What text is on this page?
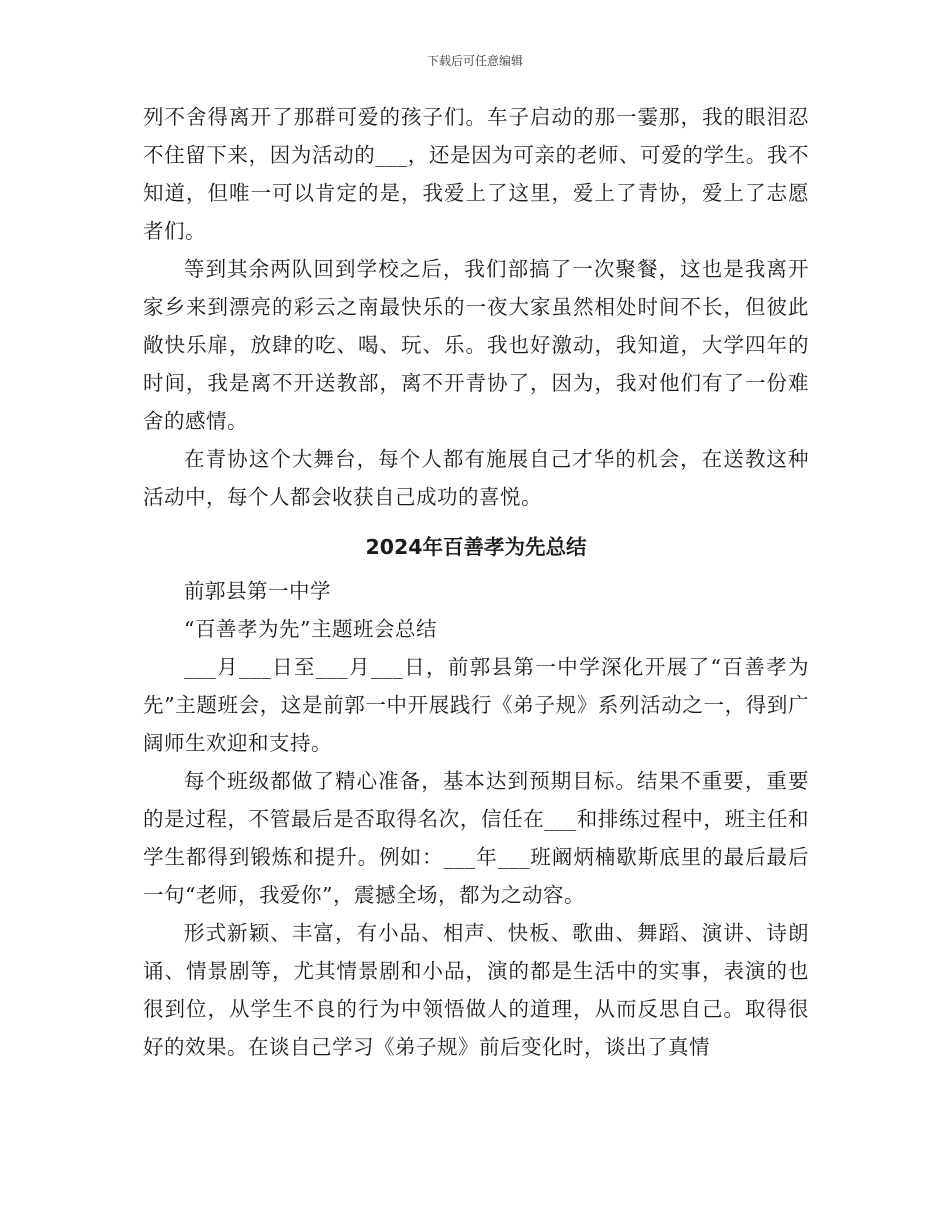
下载后可任意编辑

列不舍得离开了那群可爱的孩子们。车子启动的那一霎那，我的眼泪忍不住留下来，因为活动的___，还是因为可亲的老师、可爱的学生。我不知道，但唯一可以肯定的是，我爱上了这里，爱上了青协，爱上了志愿者们。

等到其余两队回到学校之后，我们部搞了一次聚餐，这也是我离开家乡来到漂亮的彩云之南最快乐的一夜大家虽然相处时间不长，但彼此敞快乐扉，放肆的吃、喝、玩、乐。我也好激动，我知道，大学四年的时间，我是离不开送教部，离不开青协了，因为，我对他们有了一份难舍的感情。

在青协这个大舞台，每个人都有施展自己才华的机会，在送教这种活动中，每个人都会收获自己成功的喜悦。

2024年百善孝为先总结

前郭县第一中学

“百善孝为先”主题班会总结

___月___日至___月___日，前郭县第一中学深化开展了“百善孝为先”主题班会，这是前郭一中开展践行《弟子规》系列活动之一，得到广阔师生欢迎和支持。

每个班级都做了精心准备，基本达到预期目标。结果不重要，重要的是过程，不管最后是否取得名次，信任在___和排练过程中，班主任和学生都得到锻炼和提升。例如：___年___班阚炳楠歇斯底里的最后最后一句“老师，我爱你”，震撼全场，都为之动容。

形式新颖、丰富，有小品、相声、快板、歌曲、舞蹈、演讲、诗朗诵、情景剧等，尤其情景剧和小品，演的都是生活中的实事，表演的也很到位，从学生不良的行为中领悟做人的道理，从而反思自己。取得很好的效果。在谈自己学习《弟子规》前后变化时，谈出了真情
